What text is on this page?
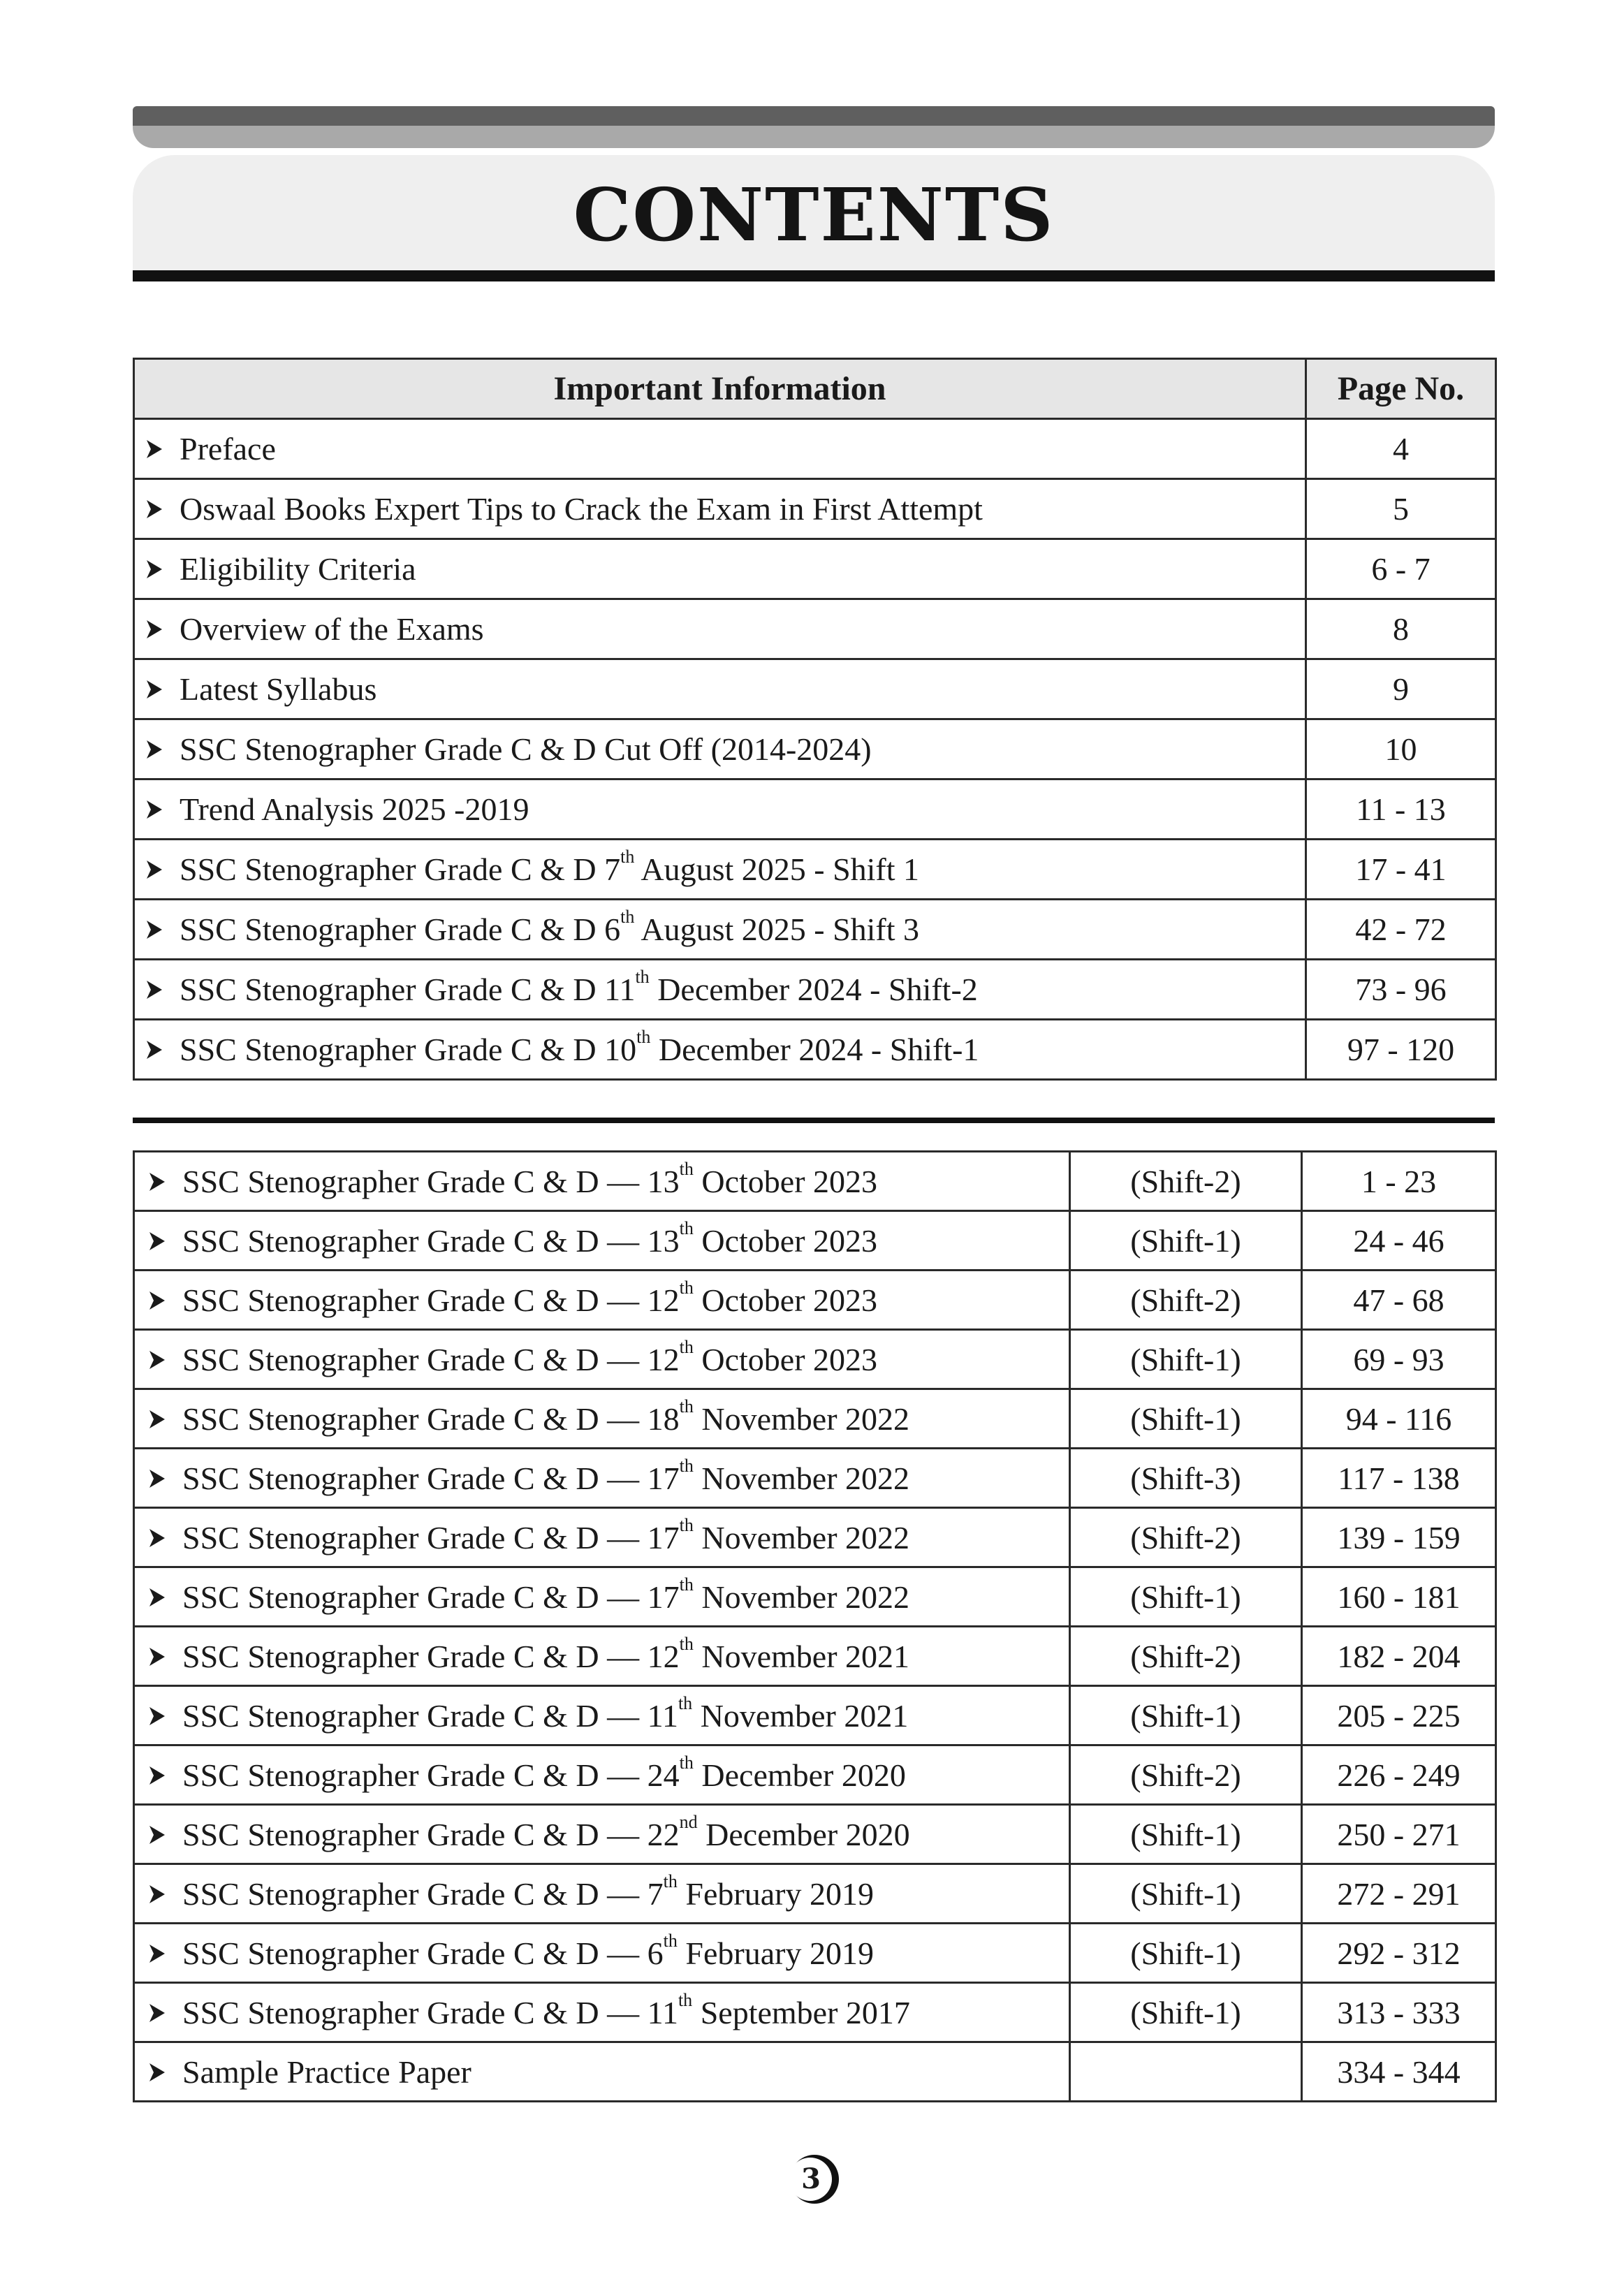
CONTENTS
Important Information	Page No.

Preface	4

Oswaal Books Expert Tips to Crack the Exam in First Attempt	5

Eligibility Criteria	6 - 7

Overview of the Exams	8

Latest Syllabus	9

SSC Stenographer Grade C & D Cut Off (2014-2024)	10

Trend Analysis 2025 -2019	11 - 13

SSC Stenographer Grade C & D 7th August 2025 - Shift 1	17 - 41

SSC Stenographer Grade C & D 6th August 2025 - Shift 3	42 - 72

SSC Stenographer Grade C & D 11th December 2024 - Shift-2	73 - 96

SSC Stenographer Grade C & D 10th December 2024 - Shift-1	97 - 120
SSC Stenographer Grade C & D — 13th October 2023	(Shift-2)	1 - 23

SSC Stenographer Grade C & D — 13th October 2023	(Shift-1)	24 - 46

SSC Stenographer Grade C & D — 12th October 2023	(Shift-2)	47 - 68

SSC Stenographer Grade C & D — 12th October 2023	(Shift-1)	69 - 93

SSC Stenographer Grade C & D — 18th November 2022	(Shift-1)	94 - 116

SSC Stenographer Grade C & D — 17th November 2022	(Shift-3)	117 - 138

SSC Stenographer Grade C & D — 17th November 2022	(Shift-2)	139 - 159

SSC Stenographer Grade C & D — 17th November 2022	(Shift-1)	160 - 181

SSC Stenographer Grade C & D — 12th November 2021	(Shift-2)	182 - 204

SSC Stenographer Grade C & D — 11th November 2021	(Shift-1)	205 - 225

SSC Stenographer Grade C & D — 24th December 2020	(Shift-2)	226 - 249

SSC Stenographer Grade C & D — 22nd December 2020	(Shift-1)	250 - 271

SSC Stenographer Grade C & D — 7th February 2019	(Shift-1)	272 - 291

SSC Stenographer Grade C & D — 6th February 2019	(Shift-1)	292 - 312

SSC Stenographer Grade C & D — 11th September 2017	(Shift-1)	313 - 333

Sample Practice Paper		334 - 344
3
